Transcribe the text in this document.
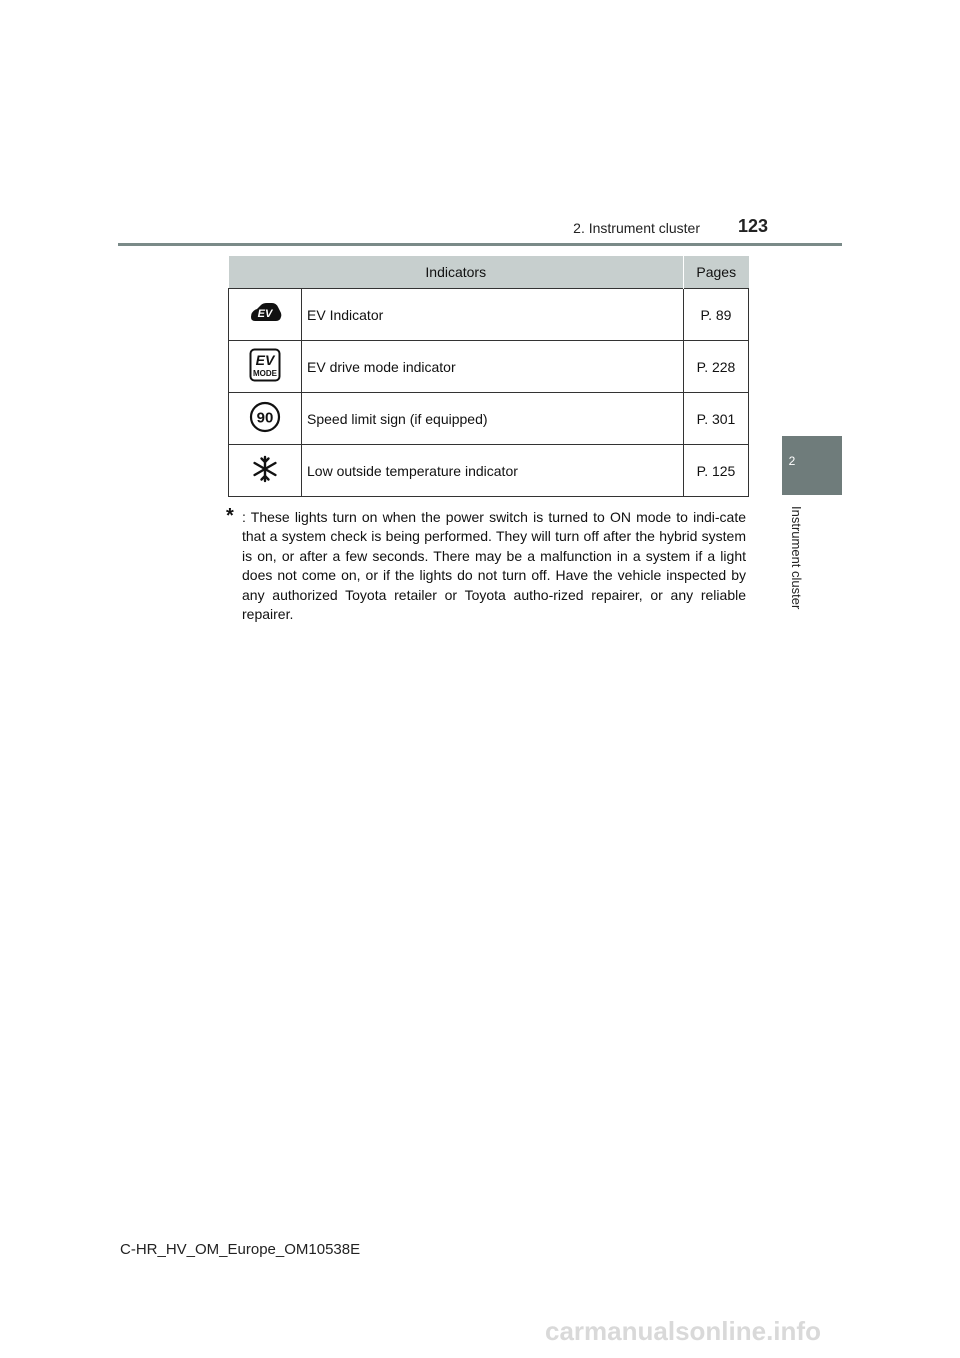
2. Instrument cluster 123
2
Instrument cluster
Indicators		Pages

EV	EV Indicator	P. 89

EV
MODE	EV drive mode indicator	P. 228

90	Speed limit sign (if equipped)	P. 301
	Low outside temperature indicator	P. 125
* : These lights turn on when the power switch is turned to ON mode to indi-cate that a system check is being performed. They will turn off after the hybrid system is on, or after a few seconds. There may be a malfunction in a system if a light does not come on, or if the lights do not turn off. Have the vehicle inspected by any authorized Toyota retailer or Toyota autho-rized repairer, or any reliable repairer.
C-HR_HV_OM_Europe_OM10538E
carmanualsonline.info
